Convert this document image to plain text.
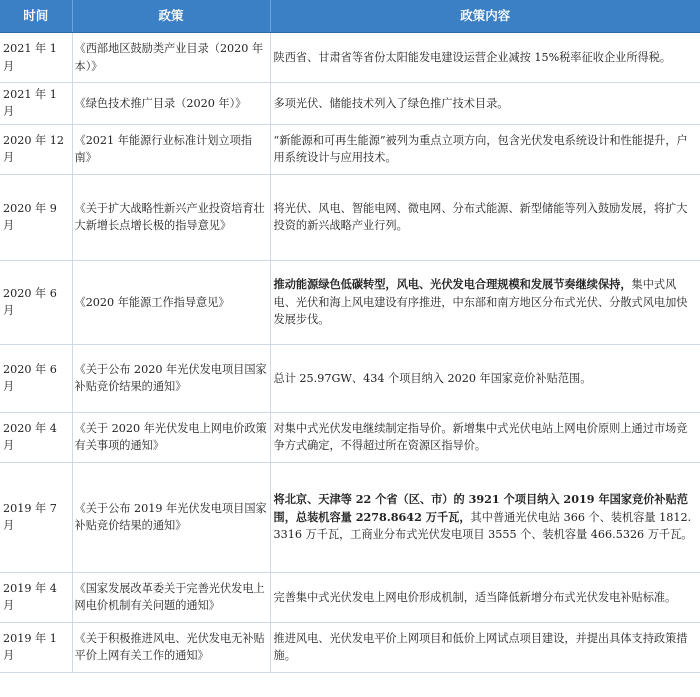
时间	政策	政策内容
2021 年 1 月	《西部地区鼓励类产业目录（2020 年本）》	陕西省、甘肃省等省份太阳能发电建设运营企业减按 15%税率征收企业所得税。
2021 年 1 月	《绿色技术推广目录（2020 年）》	多项光伏、储能技术列入了绿色推广技术目录。
2020 年 12 月	《2021 年能源行业标准计划立项指南》	“新能源和可再生能源”被列为重点立项方向，包含光伏发电系统设计和性能提升，户用系统设计与应用技术。
2020 年 9 月	《关于扩大战略性新兴产业投资培育壮大新增长点增长极的指导意见》	将光伏、风电、智能电网、微电网、分布式能源、新型储能等列入鼓励发展，将扩大投资的新兴战略产业行列。
2020 年 6 月	《2020 年能源工作指导意见》	推动能源绿色低碳转型，风电、光伏发电合理规模和发展节奏继续保持，集中式风电、光伏和海上风电建设有序推进，中东部和南方地区分布式光伏、分散式风电加快发展步伐。
2020 年 6 月	《关于公布 2020 年光伏发电项目国家补贴竞价结果的通知》	总计 25.97GW、434 个项目纳入 2020 年国家竞价补贴范围。
2020 年 4 月	《关于 2020 年光伏发电上网电价政策有关事项的通知》	对集中式光伏发电继续制定指导价。新增集中式光伏电站上网电价原则上通过市场竞争方式确定，不得超过所在资源区指导价。
2019 年 7 月	《关于公布 2019 年光伏发电项目国家补贴竞价结果的通知》	将北京、天津等 22 个省（区、市）的 3921 个项目纳入 2019 年国家竞价补贴范围，总装机容量 2278.8642 万千瓦，其中普通光伏电站 366 个、装机容量 1812.3316 万千瓦，工商业分布式光伏发电项目 3555 个、装机容量 466.5326 万千瓦。
2019 年 4 月	《国家发展改革委关于完善光伏发电上网电价机制有关问题的通知》	完善集中式光伏发电上网电价形成机制，适当降低新增分布式光伏发电补贴标准。
2019 年 1 月	《关于积极推进风电、光伏发电无补贴平价上网有关工作的通知》	推进风电、光伏发电平价上网项目和低价上网试点项目建设，并提出具体支持政策措施。
